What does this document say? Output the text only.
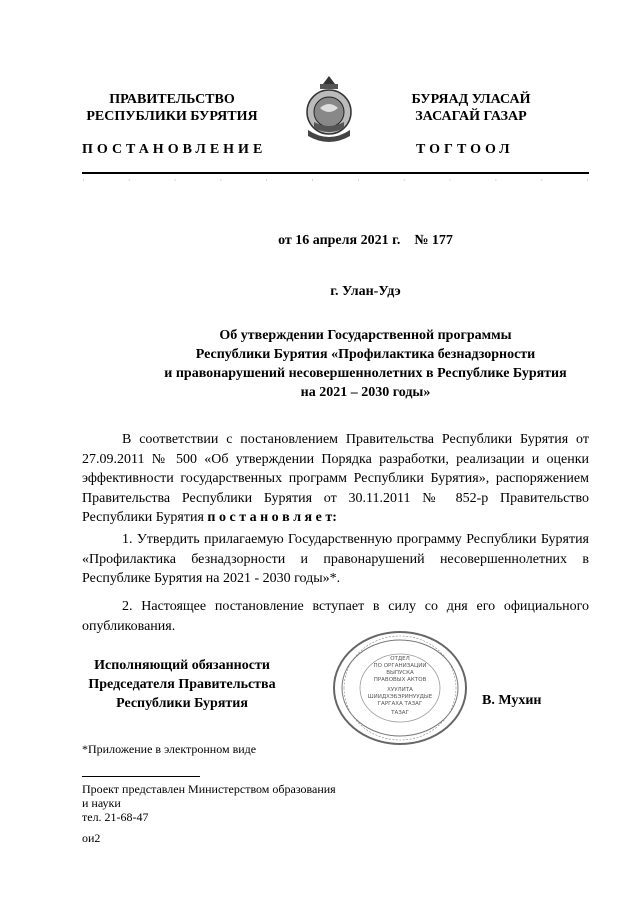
ПРАВИТЕЛЬСТВО
РЕСПУБЛИКИ БУРЯТИЯ
БУРЯАД УЛАСАЙ
ЗАСАГАЙ ГАЗАР
ПОСТАНОВЛЕНИЕ	ТОГТООЛ
·	·	·	·	·	·	·	·	·	·	·	·
от 16 апреля 2021 г.    № 177
г. Улан-Удэ
Об утверждении Государственной программы
Республики Бурятия «Профилактика безнадзорности
и правонарушений несовершеннолетних в Республике Бурятия
на 2021 – 2030 годы»

В соответствии с постановлением Правительства Республики Бурятия от 27.09.2011 № 500 «Об утверждении Порядка разработки, реализации и оценки эффективности государственных программ Республики Бурятия», распоряжением Правительства Республики Бурятия от 30.11.2011 № 852-р Правительство Республики Бурятия п о с т а н о в л я е т:

1. Утвердить прилагаемую Государственную программу Республики Бурятия «Профилактика безнадзорности и правонарушений несовершеннолетних в Республике Бурятия на 2021 - 2030 годы»*.

2. Настоящее постановление вступает в силу со дня его официального опубликования.

Исполняющий обязанности
Председателя Правительства
Республики Бурятия
ОТДЕЛ
ПО ОРГАНИЗАЦИИ
ВЫПУСКА
ПРАВОВЫХ АКТОВ
ХУУЛИТА
ШИИДХЭБЭРИНУУДЫЕ
ГАРГАХА ТАЗАГ
ТАЗАГ
В. Мухин
*Приложение в электронном виде
Проект представлен Министерством образования
и науки
тел. 21-68-47
ои2
